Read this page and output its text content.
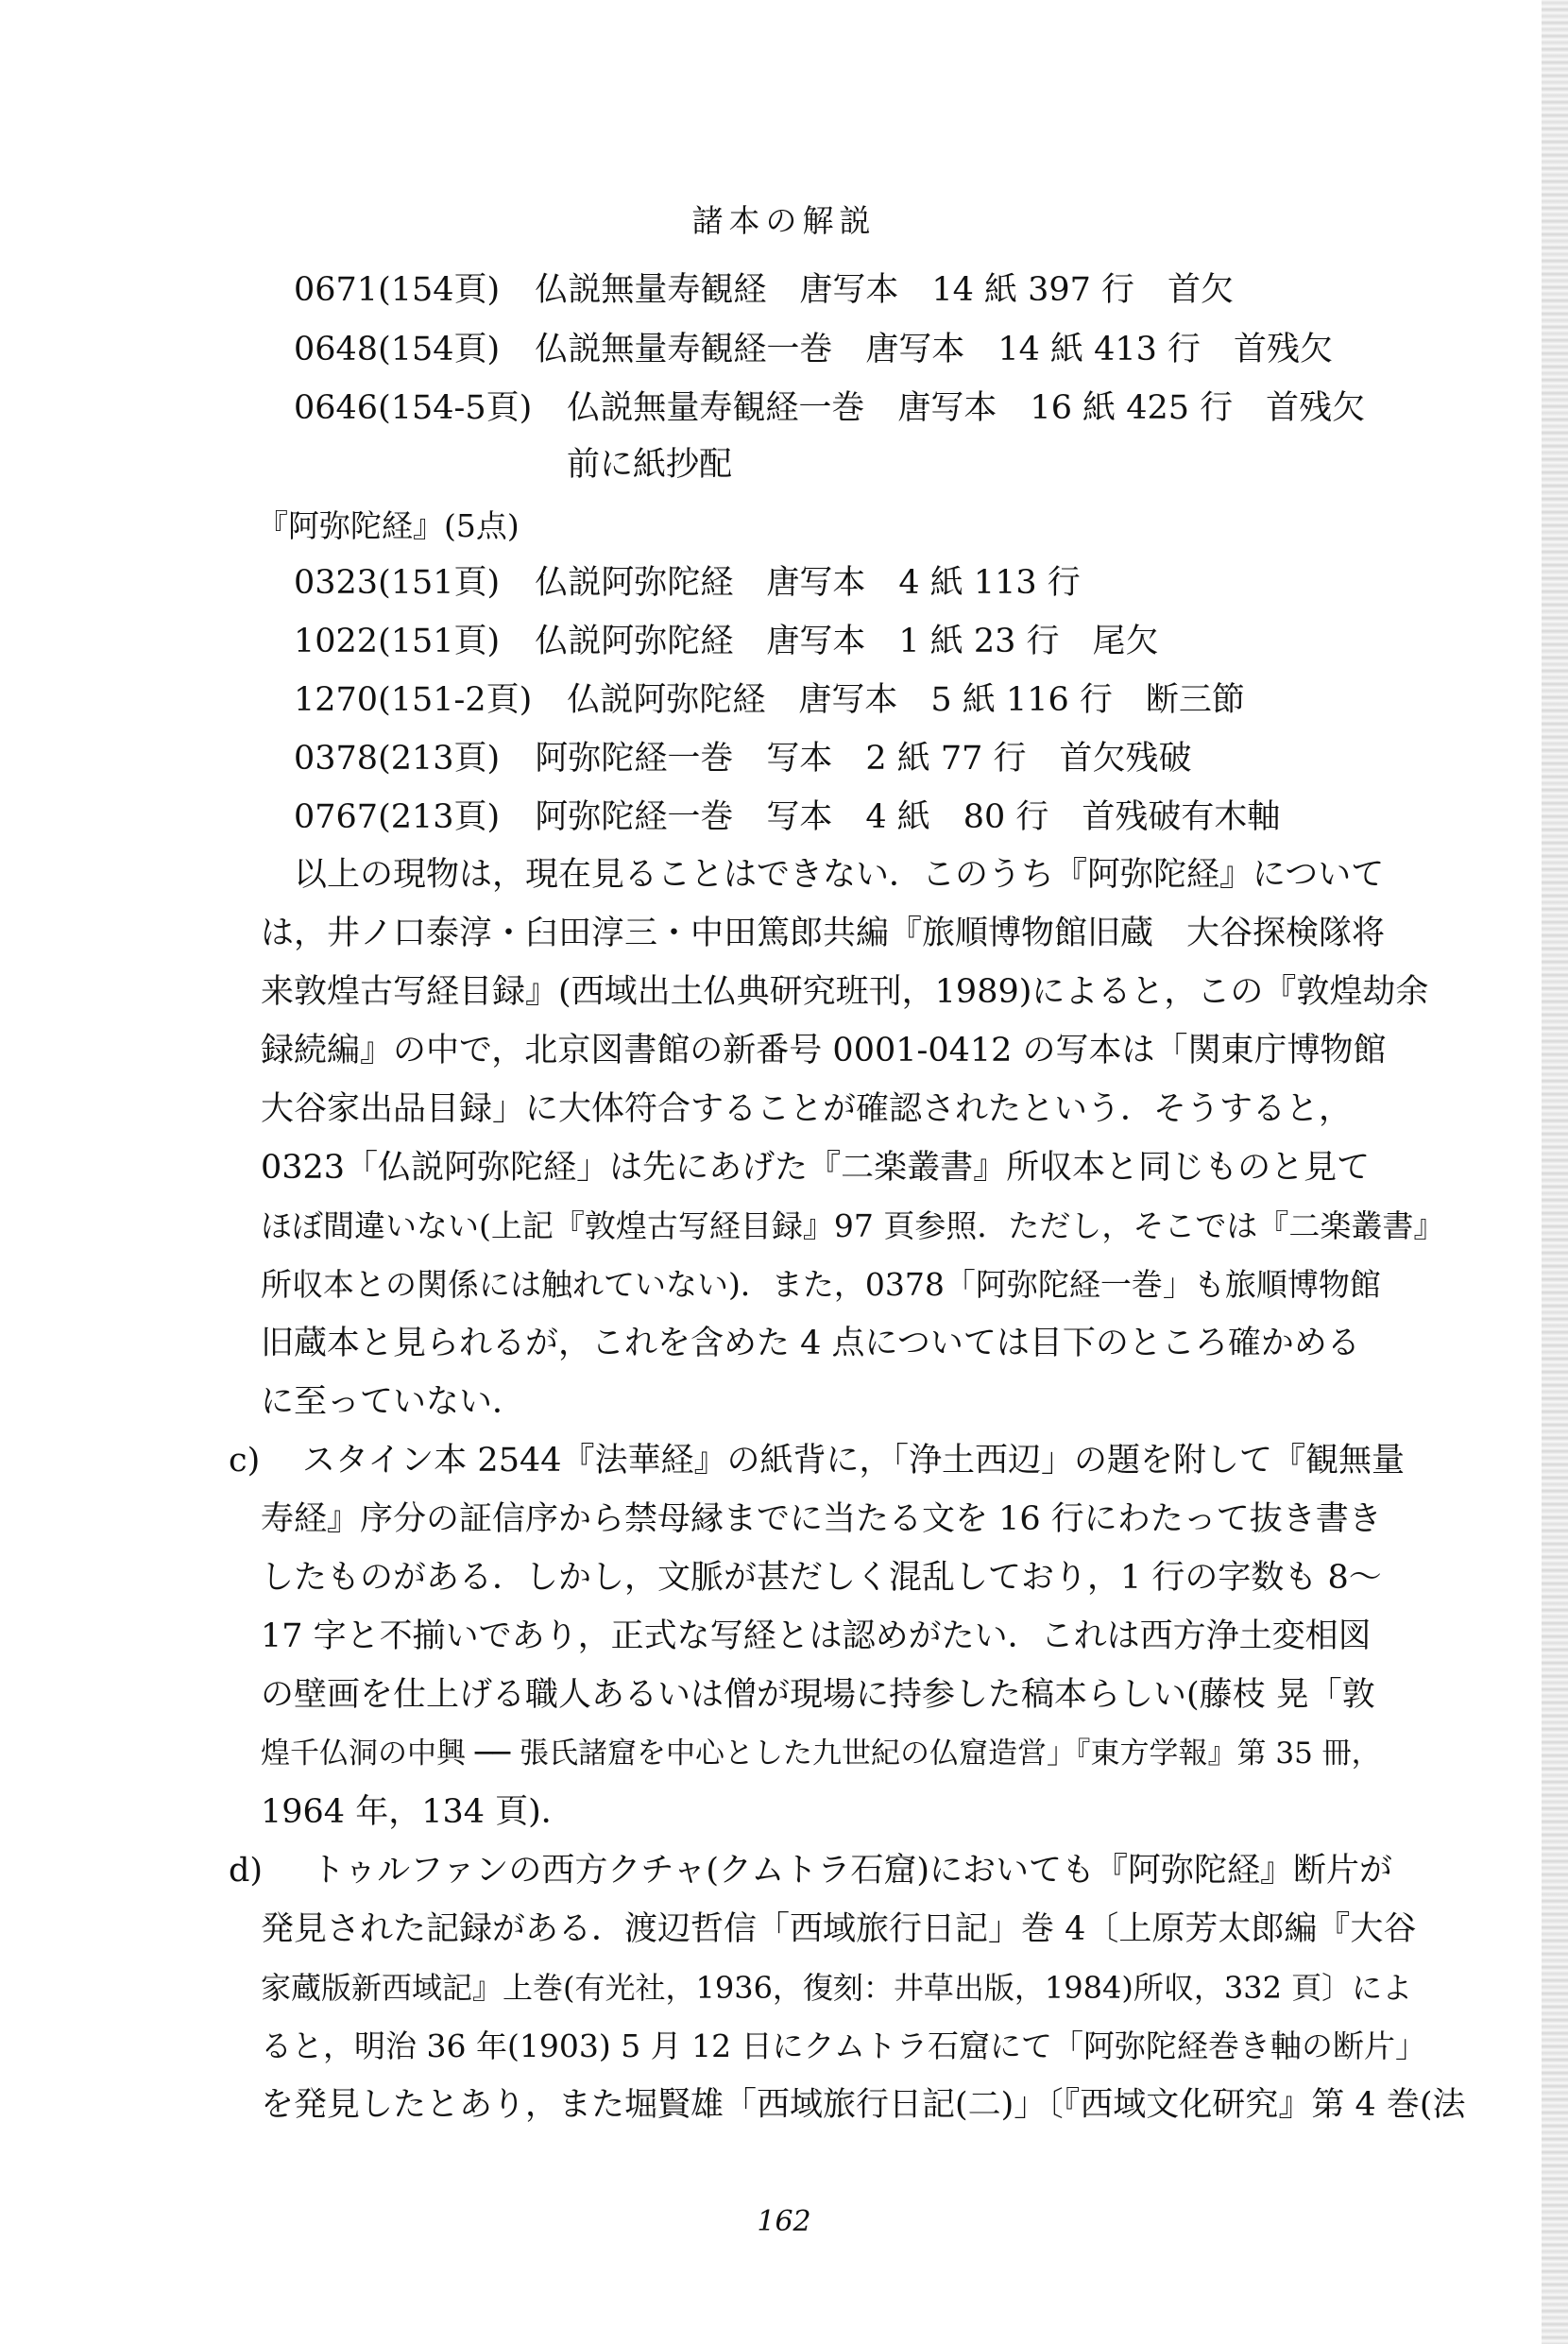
諸本の解説
0671(154頁) 仏説無量寿観経　唐写本　14 紙 397 行　首欠
0648(154頁) 仏説無量寿観経一巻　唐写本　14 紙 413 行　首残欠
0646(154-5頁) 仏説無量寿観経一巻　唐写本　16 紙 425 行　首残欠
前に紙抄配
『阿弥陀経』(5点)
0323(151頁) 仏説阿弥陀経　唐写本　4 紙 113 行
1022(151頁) 仏説阿弥陀経　唐写本　1 紙 23 行　尾欠
1270(151-2頁) 仏説阿弥陀経　唐写本　5 紙 116 行　断三節
0378(213頁) 阿弥陀経一巻　写本　2 紙 77 行　首欠残破
0767(213頁) 阿弥陀経一巻　写本　4 紙　80 行　首残破有木軸
以上の現物は，現在見ることはできない．このうち『阿弥陀経』について
は，井ノ口泰淳・臼田淳三・中田篤郎共編『旅順博物館旧蔵　大谷探検隊将
来敦煌古写経目録』(西域出土仏典研究班刊，1989)によると，この『敦煌劫余
録続編』の中で，北京図書館の新番号 0001-0412 の写本は「関東庁博物館
大谷家出品目録」に大体符合することが確認されたという．そうすると，
0323「仏説阿弥陀経」は先にあげた『二楽叢書』所収本と同じものと見て
ほぼ間違いない(上記『敦煌古写経目録』97 頁参照．ただし，そこでは『二楽叢書』
所収本との関係には触れていない)．また，0378「阿弥陀経一巻」も旅順博物館
旧蔵本と見られるが，これを含めた 4 点については目下のところ確かめる
に至っていない．
c) スタイン本 2544『法華経』の紙背に，「浄土西辺」の題を附して『観無量
寿経』序分の証信序から禁母縁までに当たる文を 16 行にわたって抜き書き
したものがある．しかし，文脈が甚だしく混乱しており，1 行の字数も 8〜
17 字と不揃いであり，正式な写経とは認めがたい．これは西方浄土変相図
の壁画を仕上げる職人あるいは僧が現場に持参した稿本らしい(藤枝 晃「敦
煌千仏洞の中興 ── 張氏諸窟を中心とした九世紀の仏窟造営」『東方学報』第 35 冊，
1964 年，134 頁)．
d) トゥルファンの西方クチャ(クムトラ石窟)においても『阿弥陀経』断片が
発見された記録がある．渡辺哲信「西域旅行日記」巻 4〔上原芳太郎編『大谷
家蔵版新西域記』上巻(有光社，1936，復刻：井草出版，1984)所収，332 頁〕によ
ると，明治 36 年(1903) 5 月 12 日にクムトラ石窟にて「阿弥陀経巻き軸の断片」
を発見したとあり，また堀賢雄「西域旅行日記(二)」〔『西域文化研究』第 4 巻(法
162
